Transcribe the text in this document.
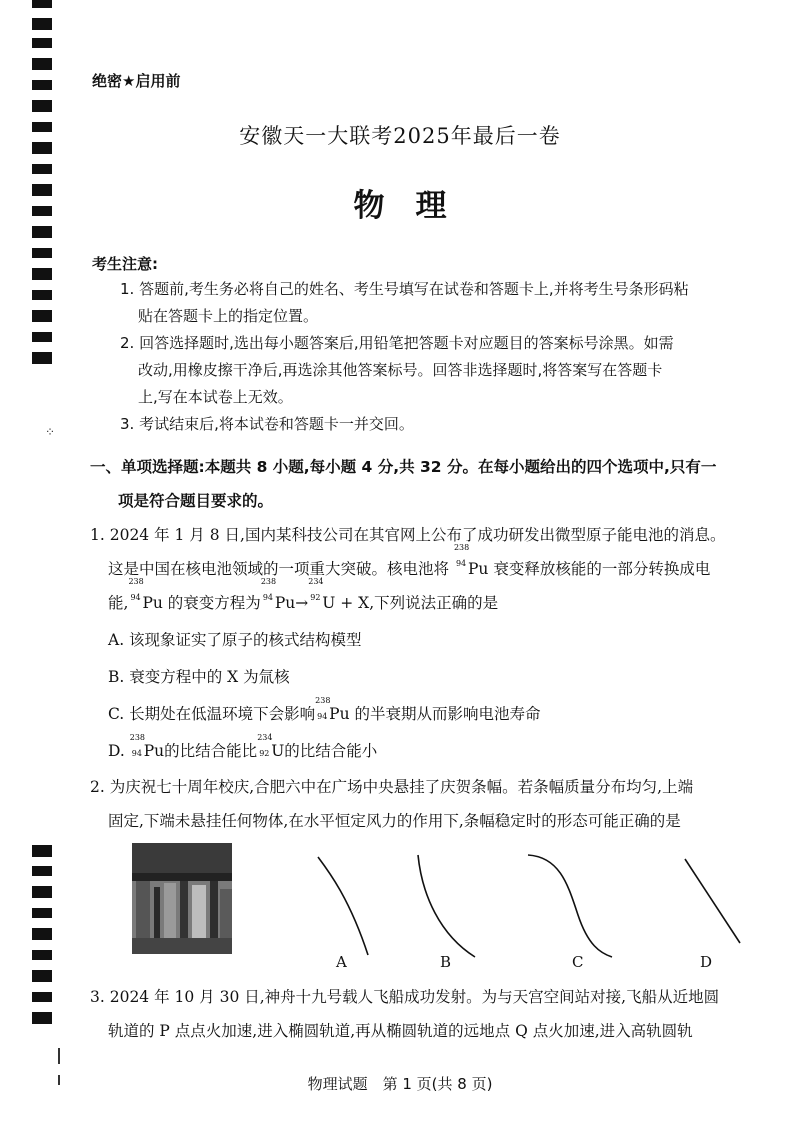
⁘
绝密★启用前
安徽天一大联考2025年最后一卷
物　理
考生注意:
1. 答题前,考生务必将自己的姓名、考生号填写在试卷和答题卡上,并将考生号条形码粘
贴在答题卡上的指定位置。
2. 回答选择题时,选出每小题答案后,用铅笔把答题卡对应题目的答案标号涂黑。如需
改动,用橡皮擦干净后,再选涂其他答案标号。回答非选择题时,将答案写在答题卡
上,写在本试卷上无效。
3. 考试结束后,将本试卷和答题卡一并交回。
一、单项选择题:本题共 8 小题,每小题 4 分,共 32 分。在每小题给出的四个选项中,只有一
项是符合题目要求的。
1. 2024 年 1 月 8 日,国内某科技公司在其官网上公布了成功研发出微型原子能电池的消息。
这是中国在核电池领域的一项重大突破。核电池将
238
94 Pu 衰变释放核能的一部分转换成电
能,
238
94 Pu 的衰变方程为
238
94 Pu→
234
92 U + X,下列说法正确的是
A. 该现象证实了原子的核式结构模型
B. 衰变方程中的 X 为氚核
C. 长期处在低温环境下会影响
238
94 Pu 的半衰期从而影响电池寿命
D.
238
94 Pu的比结合能比
234
92 U的比结合能小
2. 为庆祝七十周年校庆,合肥六中在广场中央悬挂了庆贺条幅。若条幅质量分布均匀,上端
固定,下端未悬挂任何物体,在水平恒定风力的作用下,条幅稳定时的形态可能正确的是
A	B	C	D
3. 2024 年 10 月 30 日,神舟十九号载人飞船成功发射。为与天宫空间站对接,飞船从近地圆
轨道的 P 点点火加速,进入椭圆轨道,再从椭圆轨道的远地点 Q 点火加速,进入高轨圆轨
物理试题　第 1 页(共 8 页)
